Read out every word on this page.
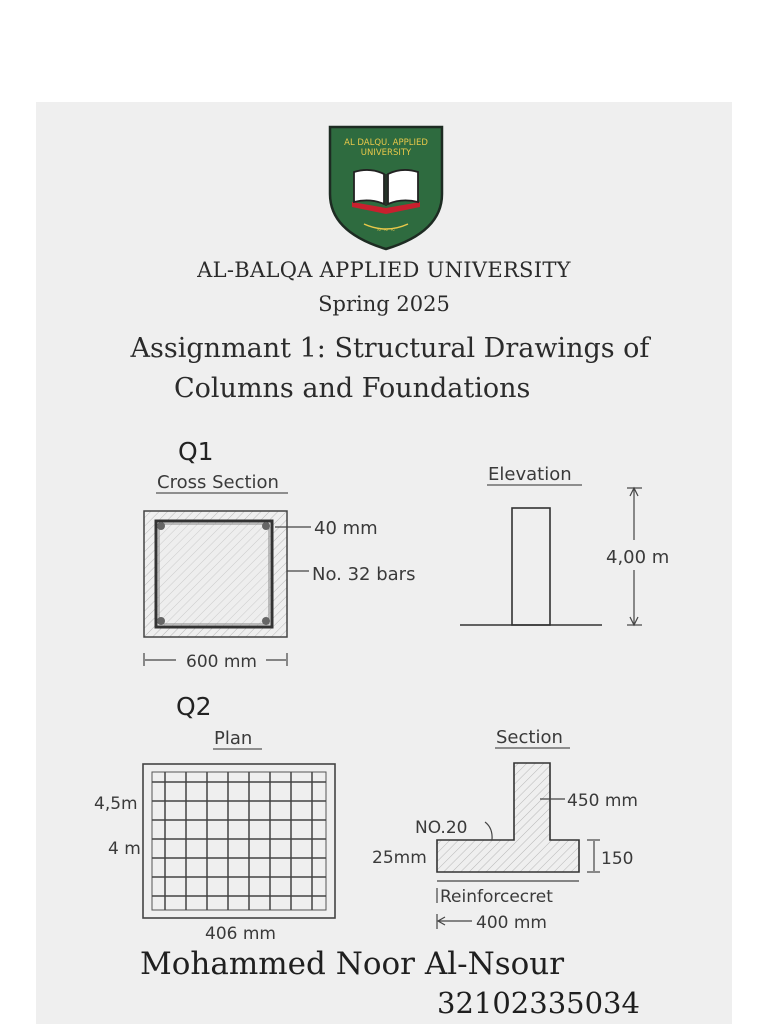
AL DALQU. APPLIED
UNIVERSITY
~ ~ ~
AL-BALQA APPLIED UNIVERSITY
Spring 2025
Assignmant 1: Structural Drawings of
Columns and Foundations
Q1
Cross Section
40 mm
No. 32 bars
600 mm
Elevation
4,00 m
Q2
Plan
4,5m
4 m
406 mm
Section
450 mm
NO.20
25mm	150
Reinforcecret
400 mm
Mohammed Noor Al-Nsour
32102335034
